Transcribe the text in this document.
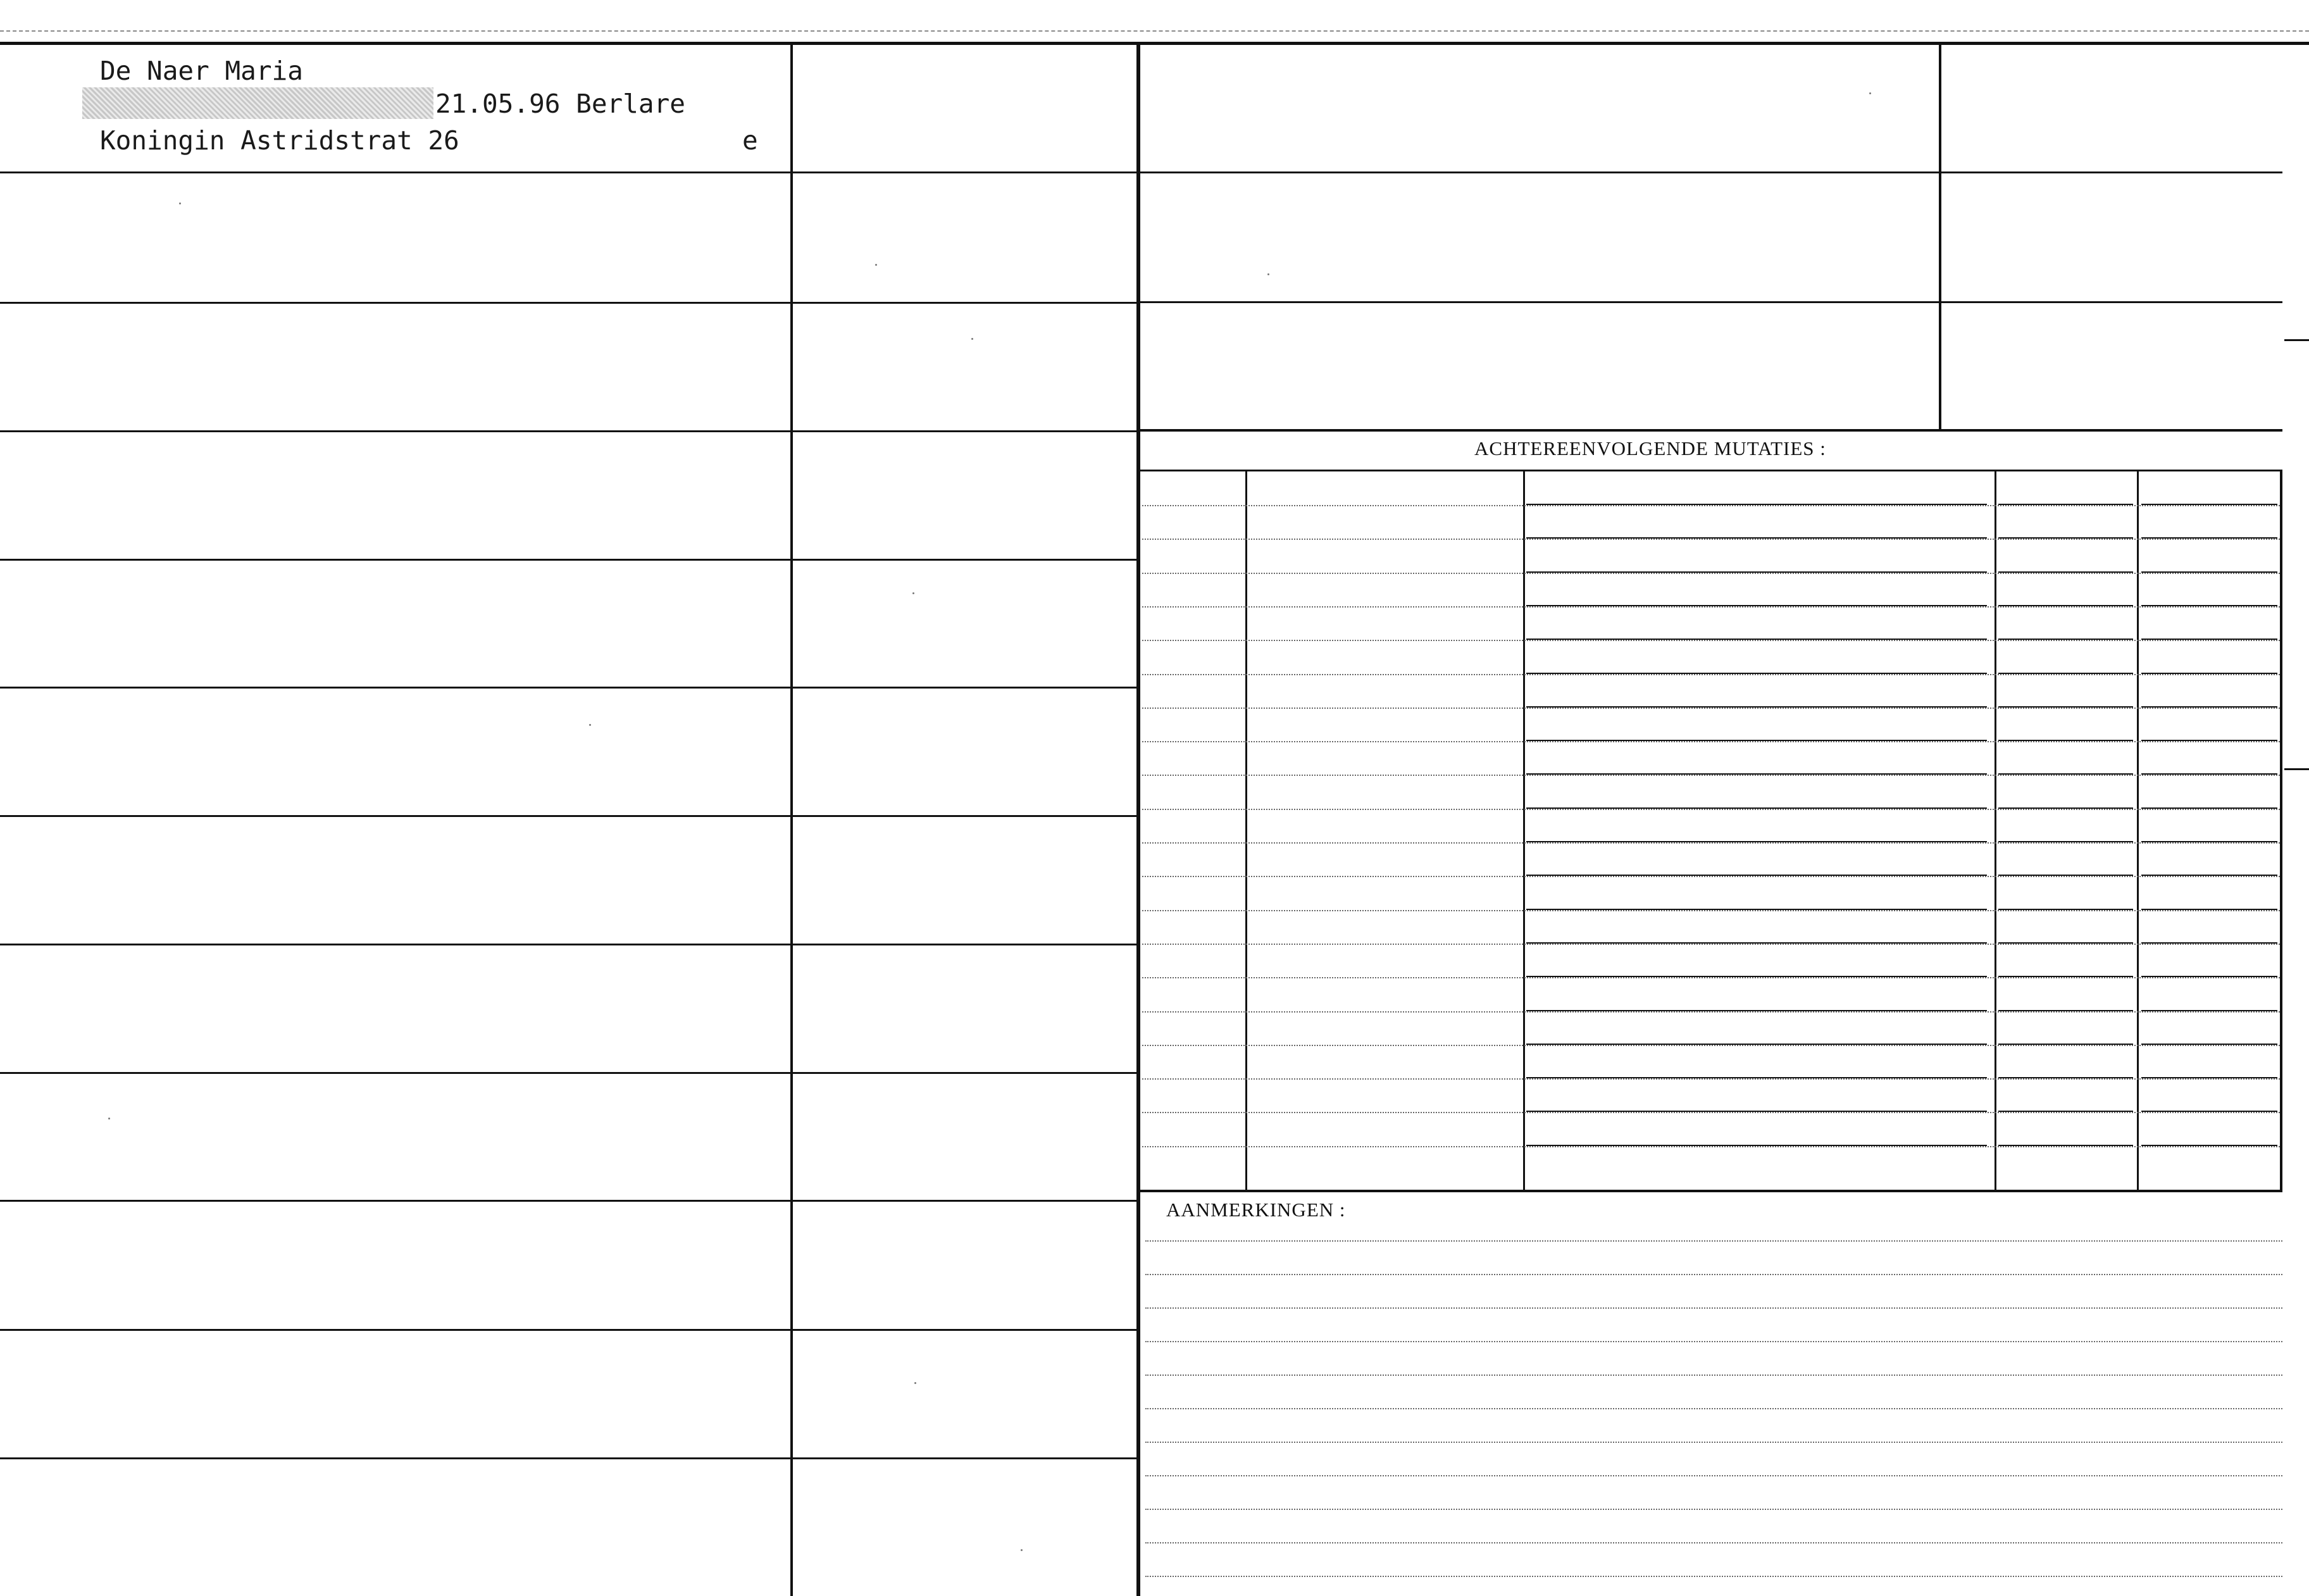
ACHTEREENVOLGENDE MUTATIES :
AANMERKINGEN :
De Naer Maria
21.05.96 Berlare
Koningin Astridstrat 26	e
